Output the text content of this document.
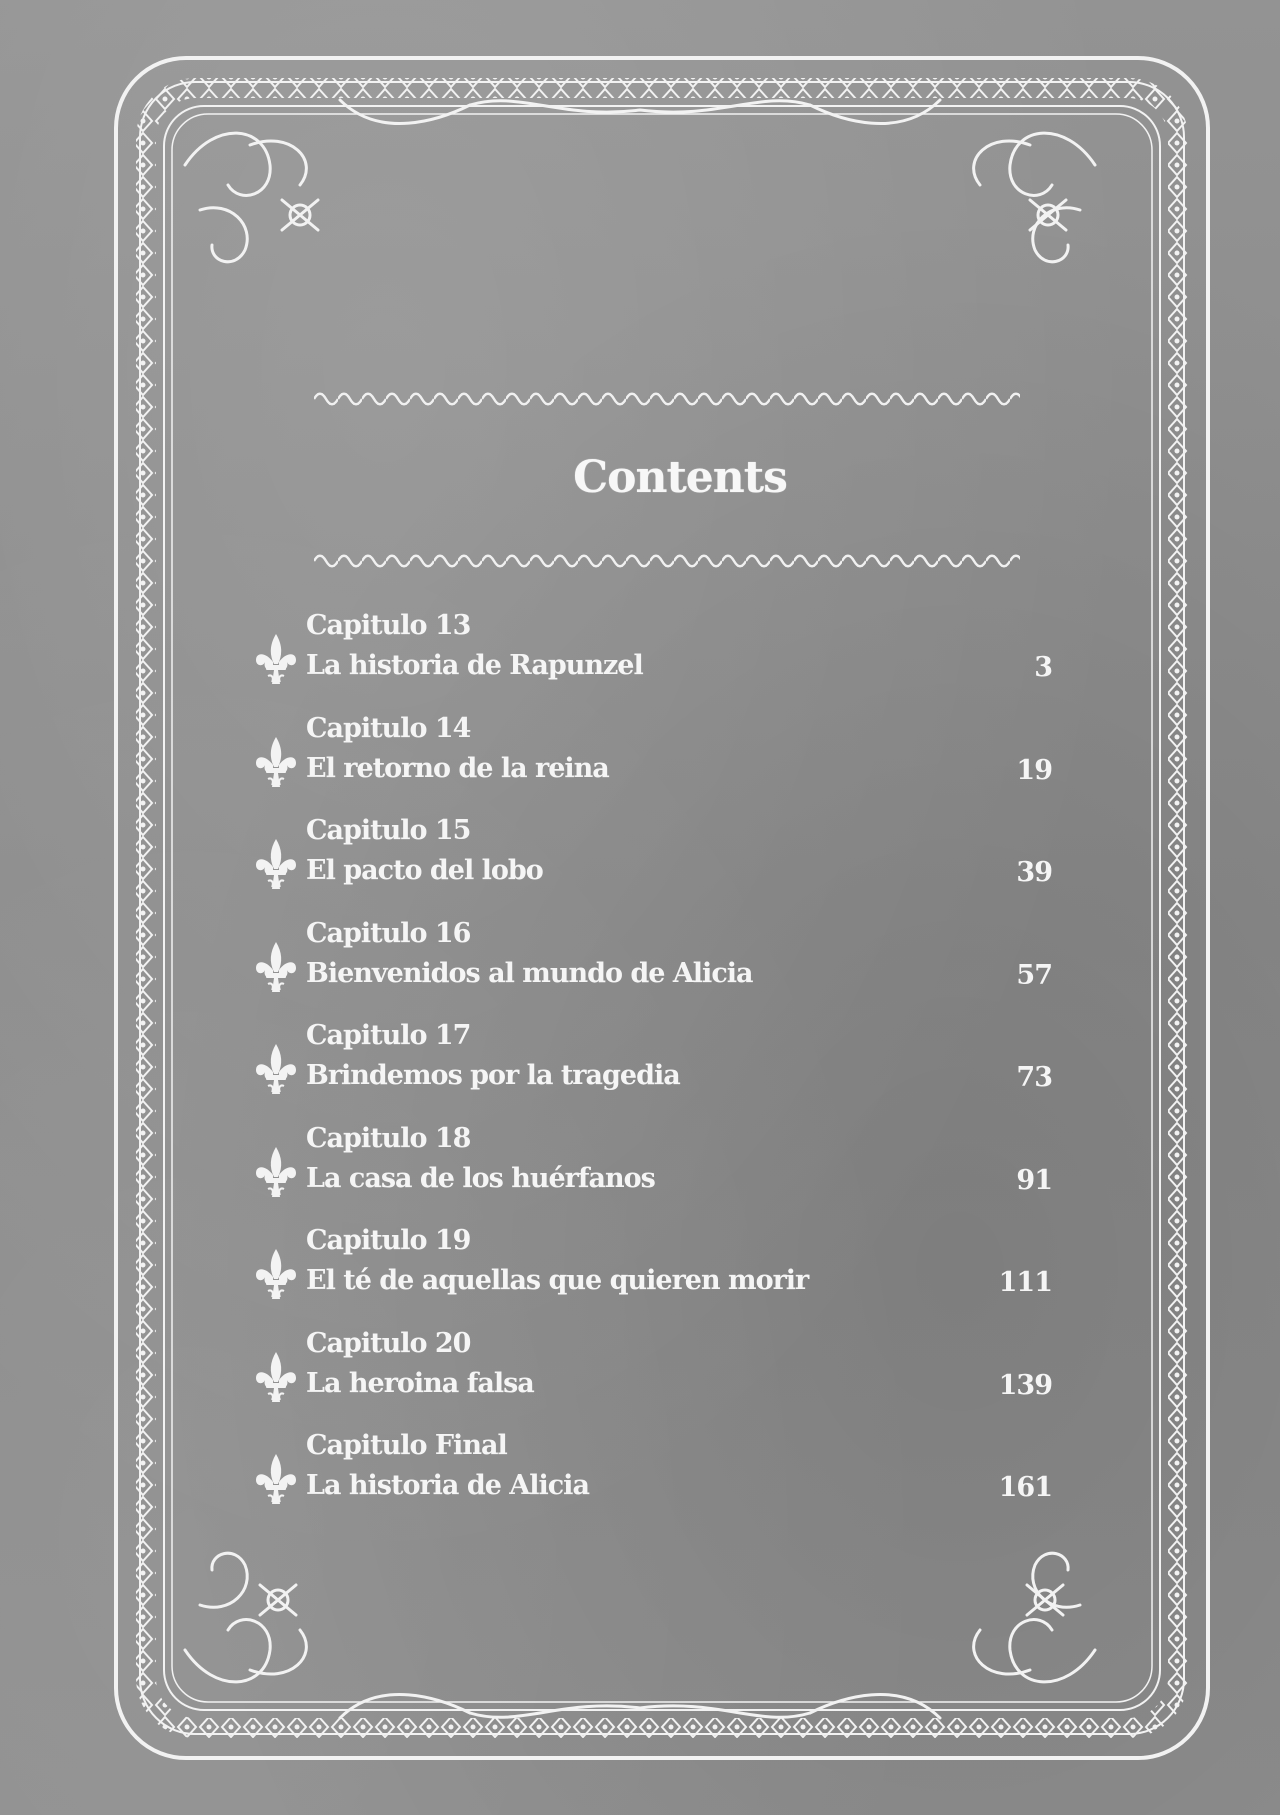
Contents
Capitulo 13
La historia de Rapunzel	3
Capitulo 14
El retorno de la reina	19
Capitulo 15
El pacto del lobo	39
Capitulo 16
Bienvenidos al mundo de Alicia	57
Capitulo 17
Brindemos por la tragedia	73
Capitulo 18
La casa de los huérfanos	91
Capitulo 19
El té de aquellas que quieren morir	111
Capitulo 20
La heroina falsa	139
Capitulo Final
La historia de Alicia	161
